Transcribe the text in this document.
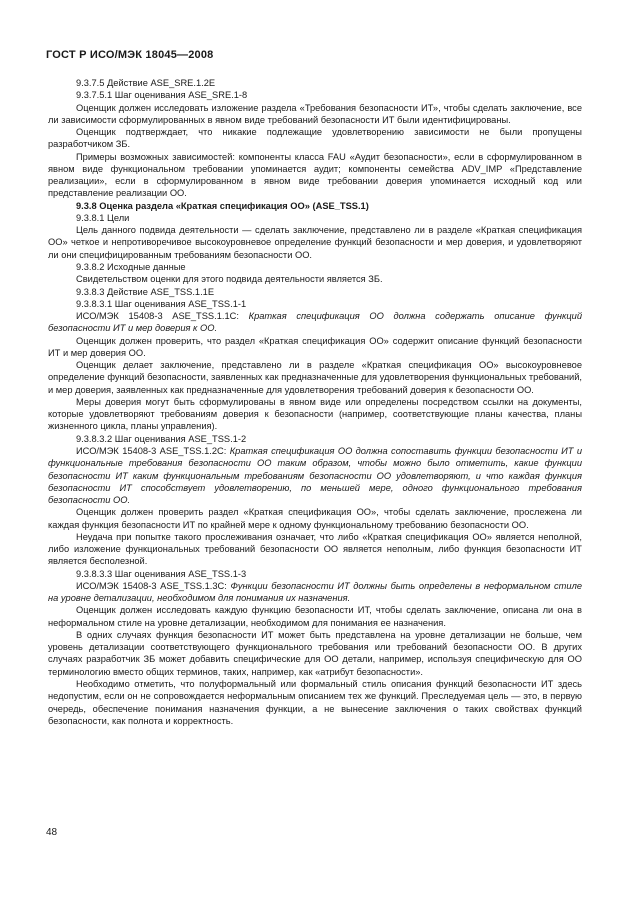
ГОСТ Р ИСО/МЭК 18045—2008

9.3.7.5 Действие ASE_SRE.1.2E

9.3.7.5.1 Шаг оценивания ASE_SRE.1-8

Оценщик должен исследовать изложение раздела «Требования безопасности ИТ», чтобы сделать заключение, все ли зависимости сформулированных в явном виде требований безопасности ИТ были идентифицированы.

Оценщик подтверждает, что никакие подлежащие удовлетворению зависимости не были пропущены разработчиком ЗБ.

Примеры возможных зависимостей: компоненты класса FAU «Аудит безопасности», если в сформулированном в явном виде функциональном требовании упоминается аудит; компоненты семейства ADV_IMP «Представление реализации», если в сформулированном в явном виде требовании доверия упоминается исходный код или представление реализации ОО.

9.3.8 Оценка раздела «Краткая спецификация ОО» (ASE_TSS.1)

9.3.8.1 Цели

Цель данного подвида деятельности — сделать заключение, представлено ли в разделе «Краткая спецификация ОО» четкое и непротиворечивое высокоуровневое определение функций безопасности и мер доверия, и удовлетворяют ли они специфицированным требованиям безопасности ОО.

9.3.8.2 Исходные данные

Свидетельством оценки для этого подвида деятельности является ЗБ.

9.3.8.3 Действие ASE_TSS.1.1E

9.3.8.3.1 Шаг оценивания ASE_TSS.1-1

ИСО/МЭК 15408-3 ASE_TSS.1.1C: Краткая спецификация ОО должна содержать описание функций безопасности ИТ и мер доверия к ОО.

Оценщик должен проверить, что раздел «Краткая спецификация ОО» содержит описание функций безопасности ИТ и мер доверия ОО.

Оценщик делает заключение, представлено ли в разделе «Краткая спецификация ОО» высокоуровневое определение функций безопасности, заявленных как предназначенные для удовлетворения функциональных требований, и мер доверия, заявленных как предназначенные для удовлетворения требований доверия к безопасности ОО.

Меры доверия могут быть сформулированы в явном виде или определены посредством ссылки на документы, которые удовлетворяют требованиям доверия к безопасности (например, соответствующие планы качества, планы жизненного цикла, планы управления).

9.3.8.3.2 Шаг оценивания ASE_TSS.1-2

ИСО/МЭК 15408-3 ASE_TSS.1.2C: Краткая спецификация ОО должна сопоставить функции безопасности ИТ и функциональные требования безопасности ОО таким образом, чтобы можно было отметить, какие функции безопасности ИТ каким функциональным требованиям безопасности ОО удовлетворяют, и что каждая функция безопасности ИТ способствует удовлетворению, по меньшей мере, одного функционального требования безопасности ОО.

Оценщик должен проверить раздел «Краткая спецификация ОО», чтобы сделать заключение, прослежена ли каждая функция безопасности ИТ по крайней мере к одному функциональному требованию безопасности ОО.

Неудача при попытке такого прослеживания означает, что либо «Краткая спецификация ОО» является неполной, либо изложение функциональных требований безопасности ОО является неполным, либо функция безопасности ИТ является бесполезной.

9.3.8.3.3 Шаг оценивания ASE_TSS.1-3

ИСО/МЭК 15408-3 ASE_TSS.1.3C: Функции безопасности ИТ должны быть определены в неформальном стиле на уровне детализации, необходимом для понимания их назначения.

Оценщик должен исследовать каждую функцию безопасности ИТ, чтобы сделать заключение, описана ли она в неформальном стиле на уровне детализации, необходимом для понимания ее назначения.

В одних случаях функция безопасности ИТ может быть представлена на уровне детализации не больше, чем уровень детализации соответствующего функционального требования или требований безопасности ОО. В других случаях разработчик ЗБ может добавить специфические для ОО детали, например, используя специфическую для ОО терминологию вместо общих терминов, таких, например, как «атрибут безопасности».

Необходимо отметить, что полуформальный или формальный стиль описания функций безопасности ИТ здесь недопустим, если он не сопровождается неформальным описанием тех же функций. Преследуемая цель — это, в первую очередь, обеспечение понимания назначения функции, а не вынесение заключения о таких свойствах функций безопасности, как полнота и корректность.

48
